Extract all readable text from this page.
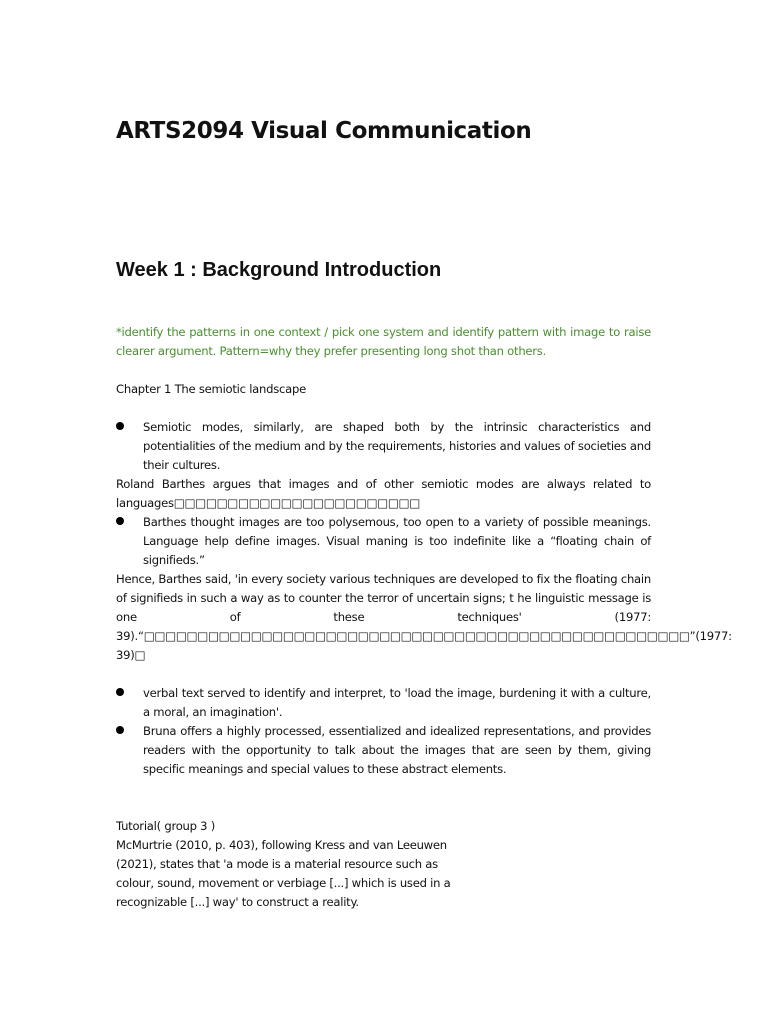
ARTS2094 Visual Communication
Week 1 : Background Introduction
*identify the patterns in one context / pick one system and identify pattern with image to raise clearer argument. Pattern=why they prefer presenting long shot than others.
Chapter 1 The semiotic landscape
Semiotic modes, similarly, are shaped both by the intrinsic characteristics and potentialities of the medium and by the requirements, histories and values of societies and their cultures.
Roland Barthes argues that images and of other semiotic modes are always related to languages□□□□□□□□□□□□□□□□□□□□□□□
Barthes thought images are too polysemous, too open to a variety of possible meanings. Language help define images. Visual maning is too indefinite like a “floating chain of signifieds.”
Hence, Barthes said, 'in every society various techniques are developed to fix the floating chain of signifieds in such a way as to counter the terror of uncertain signs; t he linguistic message is one of these techniques' (1977: 39).“□□□□□□□□□□□□□□□□□□□□□□□□□□□□□□□□□□□□□□□□□□□□□□□□□□□”(1977: 39)□
verbal text served to identify and interpret, to 'load the image, burdening it with a culture, a moral, an imagination'.
Bruna offers a highly processed, essentialized and idealized representations, and provides readers with the opportunity to talk about the images that are seen by them, giving specific meanings and special values to these abstract elements.
Tutorial( group 3 )
McMurtrie (2010, p. 403), following Kress and van Leeuwen
(2021), states that 'a mode is a material resource such as
colour, sound, movement or verbiage [...] which is used in a
recognizable [...] way' to construct a reality.
